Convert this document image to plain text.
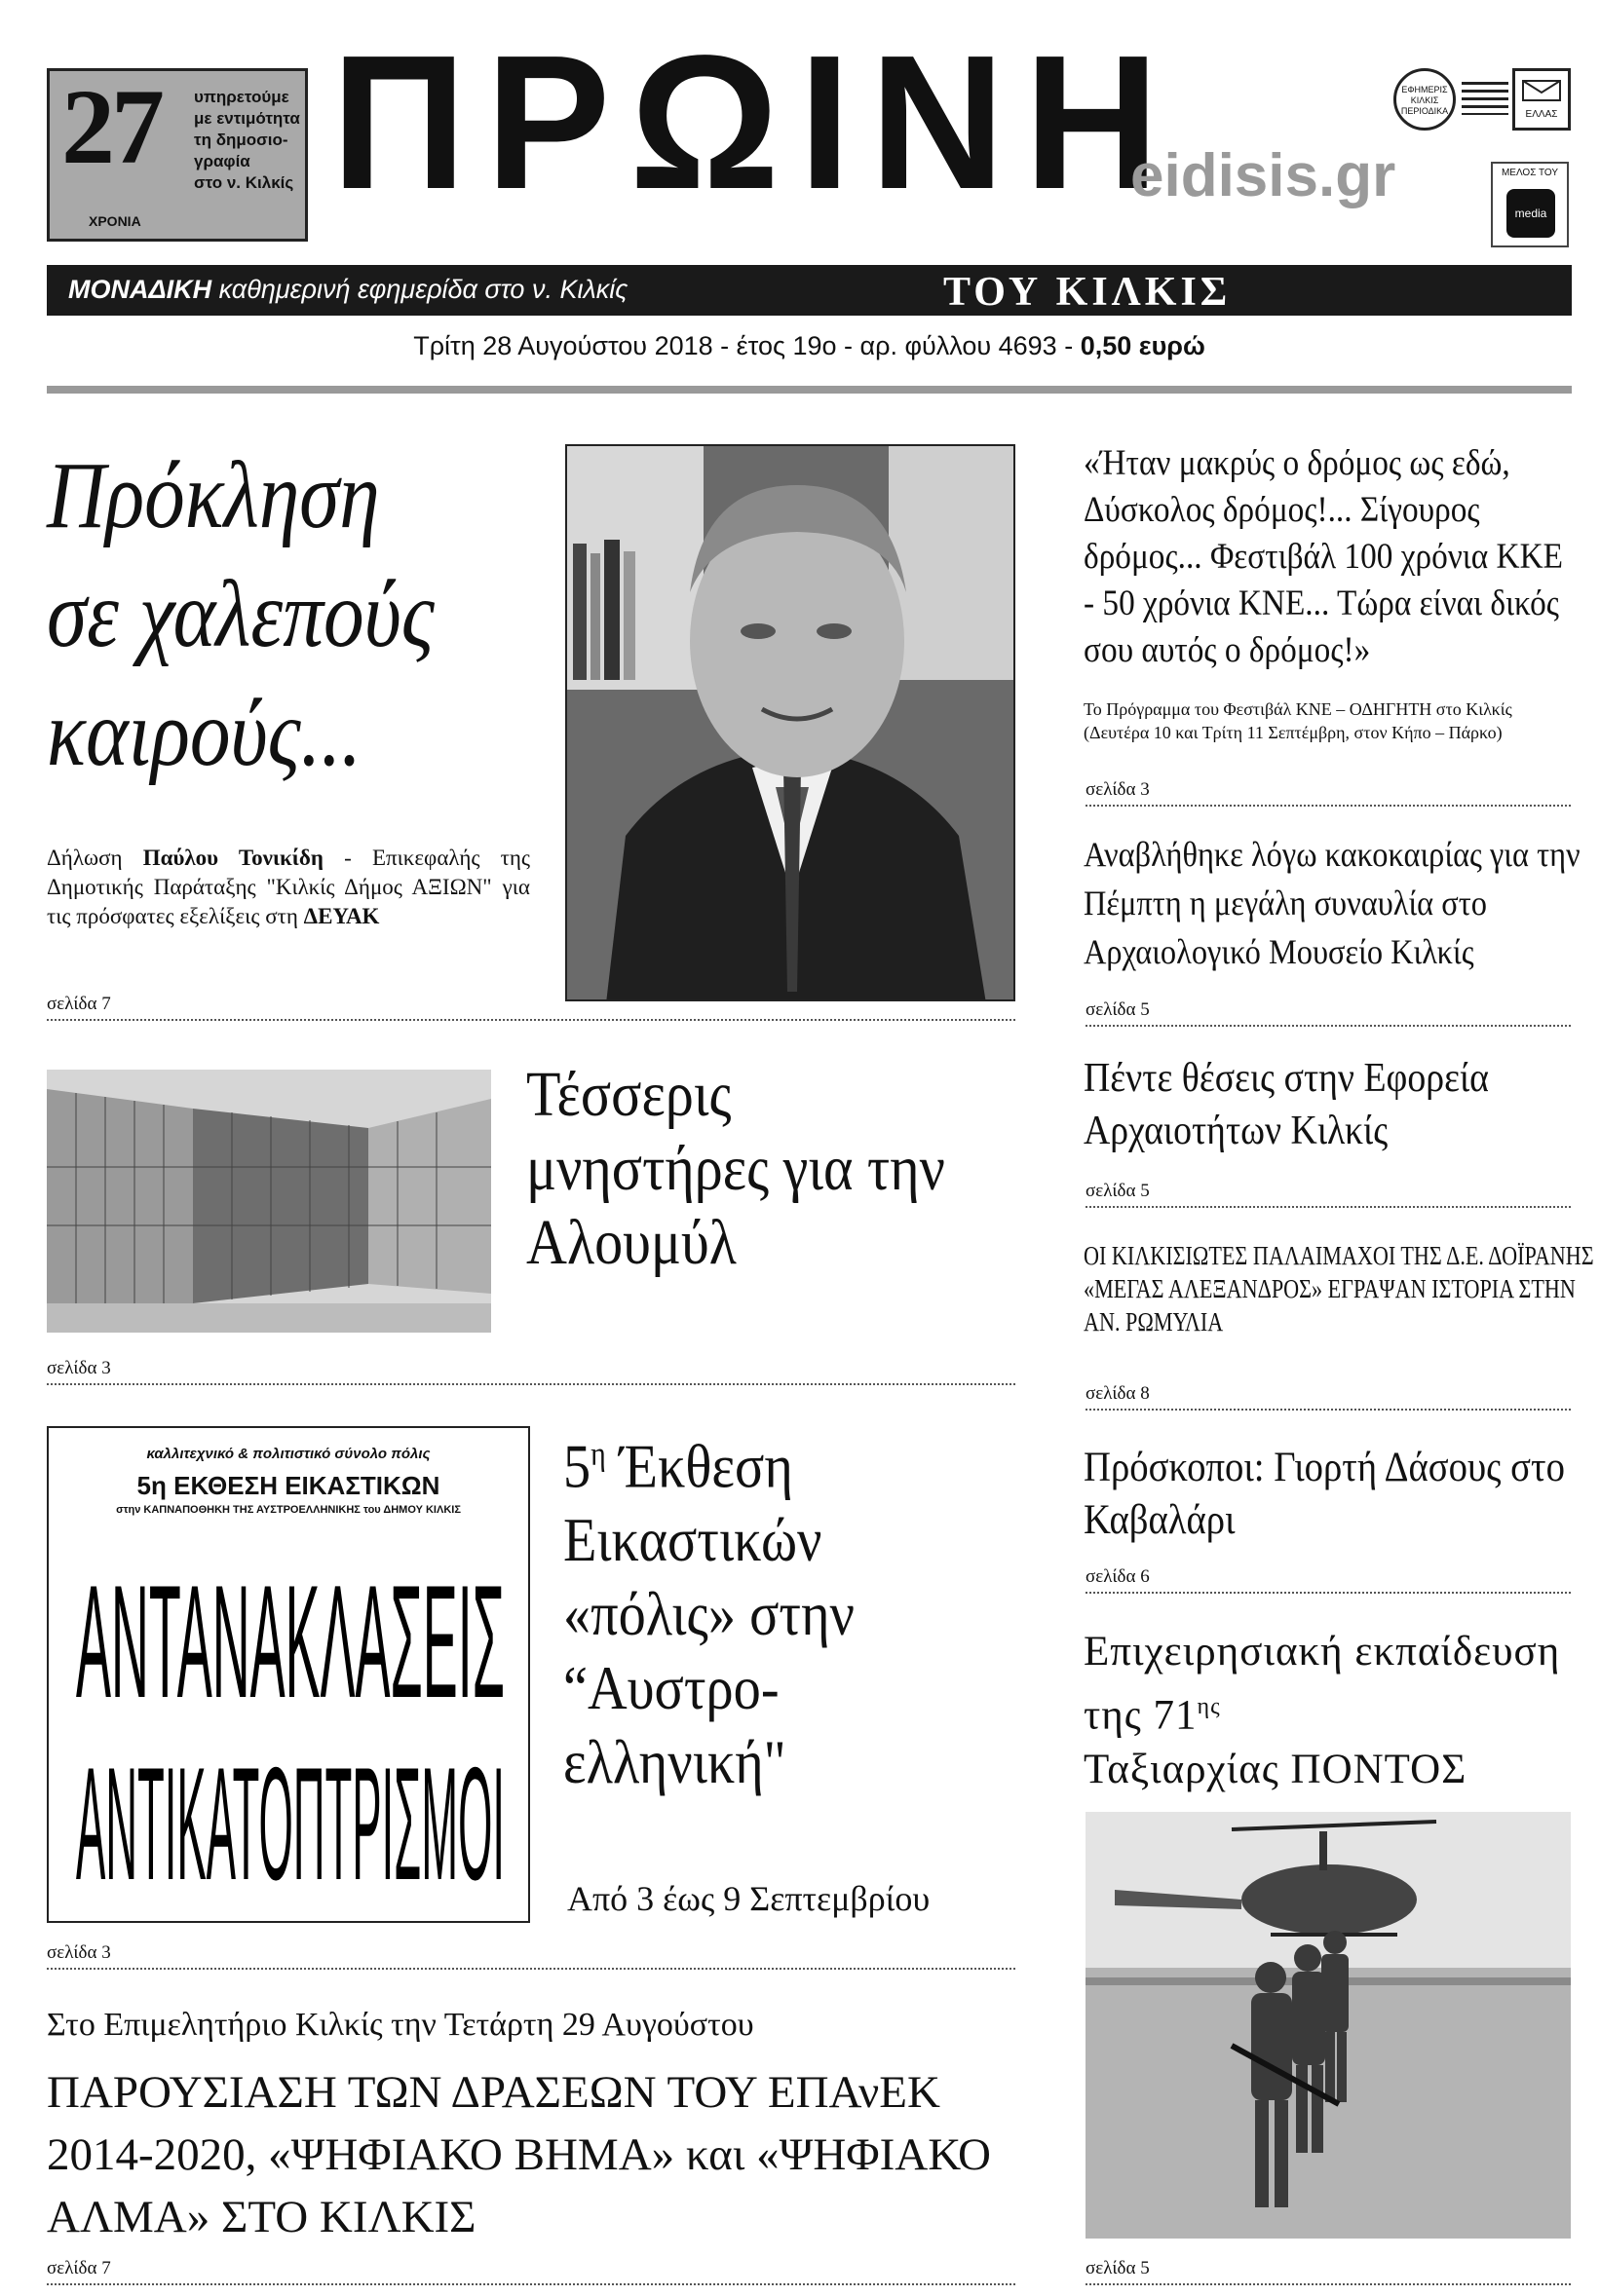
27
ΧΡΟΝΙΑ
υπηρετούμε
με εντιμότητα
τη δημοσιο-
γραφία
στο ν. Κιλκίς ΠΡΩΙΝΗ
eidisis.gr
ΕΦΗΜΕΡΙΣ ΚΙΛΚΙΣ ΠΕΡΙΟΔΙΚΑ	ΕΛΛΑΣ
ΜΕΛΟΣ ΤΟΥ
media
ΜΟΝΑΔΙΚΗ καθημερινή εφημερίδα στο ν. Κιλκίς	ΤΟΥ ΚΙΛΚΙΣ
Τρίτη 28 Αυγούστου 2018 - έτος 19ο - αρ. φύλλου 4693 - 0,50 ευρώ
Πρόκληση
σε χαλεπούς
καιρούς...
Δήλωση Παύλου Τονικίδη - Επικεφαλής της Δημοτικής Παράταξης "Κιλκίς Δήμος ΑΞΙΩΝ" για τις πρόσφατες εξελίξεις στη ΔΕΥΑΚ
σελίδα 7
Τέσσερις μνηστήρες για την Αλουμύλ
σελίδα 3
καλλιτεχνικό & πολιτιστικό σύνολο πόλις
5η ΕΚΘΕΣΗ ΕΙΚΑΣΤΙΚΩΝ
στην ΚΑΠΝΑΠΟΘΗΚΗ ΤΗΣ ΑΥΣΤΡΟΕΛΛΗΝΙΚΗΣ του ΔΗΜΟΥ ΚΙΛΚΙΣ
ΑΝΤΑΝΑΚΛΑΣΕΙΣ
ΑΝΤΙΚΑΤΟΠΤΡΙΣΜΟΙ
$5^\eta$ Έκθεση Εικαστικών «πόλις» στην “Αυστρο-ελληνική"
Από 3 έως 9 Σεπτεμβρίου
σελίδα 3
Στο Επιμελητήριο Κιλκίς την Τετάρτη 29 Αυγούστου
ΠΑΡΟΥΣΙΑΣΗ ΤΩΝ ΔΡΑΣΕΩΝ ΤΟΥ ΕΠΑνΕΚ 2014-2020, «ΨΗΦΙΑΚΟ ΒΗΜΑ» και «ΨΗΦΙΑΚΟ ΑΛΜΑ» ΣΤΟ ΚΙΛΚΙΣ
σελίδα 7
«Ήταν μακρύς ο δρόμος ως εδώ, Δύσκολος δρόμος!... Σίγουρος δρόμος... Φεστιβάλ 100 χρόνια ΚΚΕ - 50 χρόνια ΚΝΕ... Τώρα είναι δικός σου αυτός ο δρόμος!»
Το Πρόγραμμα του Φεστιβάλ ΚΝΕ – ΟΔΗΓΗΤΗ στο Κιλκίς (Δευτέρα 10 και Τρίτη 11 Σεπτέμβρη, στον Κήπο – Πάρκο)
σελίδα 3
Αναβλήθηκε λόγω κακοκαιρίας για την Πέμπτη η μεγάλη συναυλία στο Αρχαιολογικό Μουσείο Κιλκίς
σελίδα 5
Πέντε θέσεις στην Εφορεία Αρχαιοτήτων Κιλκίς
σελίδα 5
ΟΙ ΚΙΛΚΙΣΙΩΤΕΣ ΠΑΛΑΙΜΑΧΟΙ ΤΗΣ Δ.Ε. ΔΟΪΡΑΝΗΣ «ΜΕΓΑΣ ΑΛΕΞΑΝΔΡΟΣ» ΕΓΡΑΨΑΝ ΙΣΤΟΡΙΑ ΣΤΗΝ ΑΝ. ΡΩΜΥΛΙΑ
σελίδα 8
Πρόσκοποι: Γιορτή Δάσους στο Καβαλάρι
σελίδα 6
Επιχειρησιακή εκπαίδευση της $71^{\eta\varsigma}$
Ταξιαρχίας ΠΟΝΤΟΣ
σελίδα 5
